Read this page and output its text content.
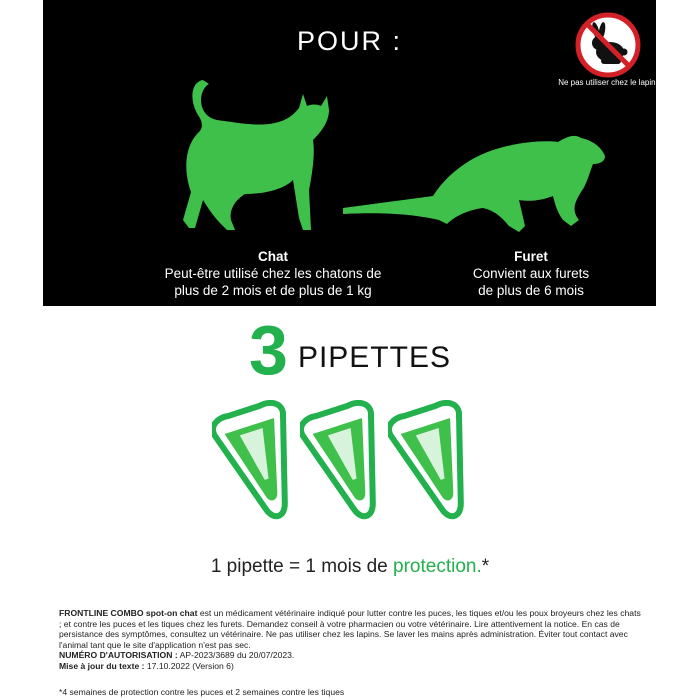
POUR :
Ne pas utiliser chez le lapin.
Chat
Peut-être utilisé chez les chatons de
plus de 2 mois et de plus de 1 kg
Furet
Convient aux furets
de plus de 6 mois
3 PIPETTES
1 pipette = 1 mois de protection.*
FRONTLINE COMBO spot-on chat est un médicament vétérinaire indiqué pour lutter contre les puces, les tiques et/ou les poux broyeurs chez les chats ; et contre les puces et les tiques chez les furets. Demandez conseil à votre pharmacien ou votre vétérinaire. Lire attentivement la notice. En cas de persistance des symptômes, consultez un vétérinaire. Ne pas utiliser chez les lapins. Se laver les mains après administration. Éviter tout contact avec l'animal tant que le site d'application n'est pas sec.
NUMÉRO D'AUTORISATION : AP-2023/3689 du 20/07/2023.
Mise à jour du texte : 17.10.2022 (Version 6)
*4 semaines de protection contre les puces et 2 semaines contre les tiques
